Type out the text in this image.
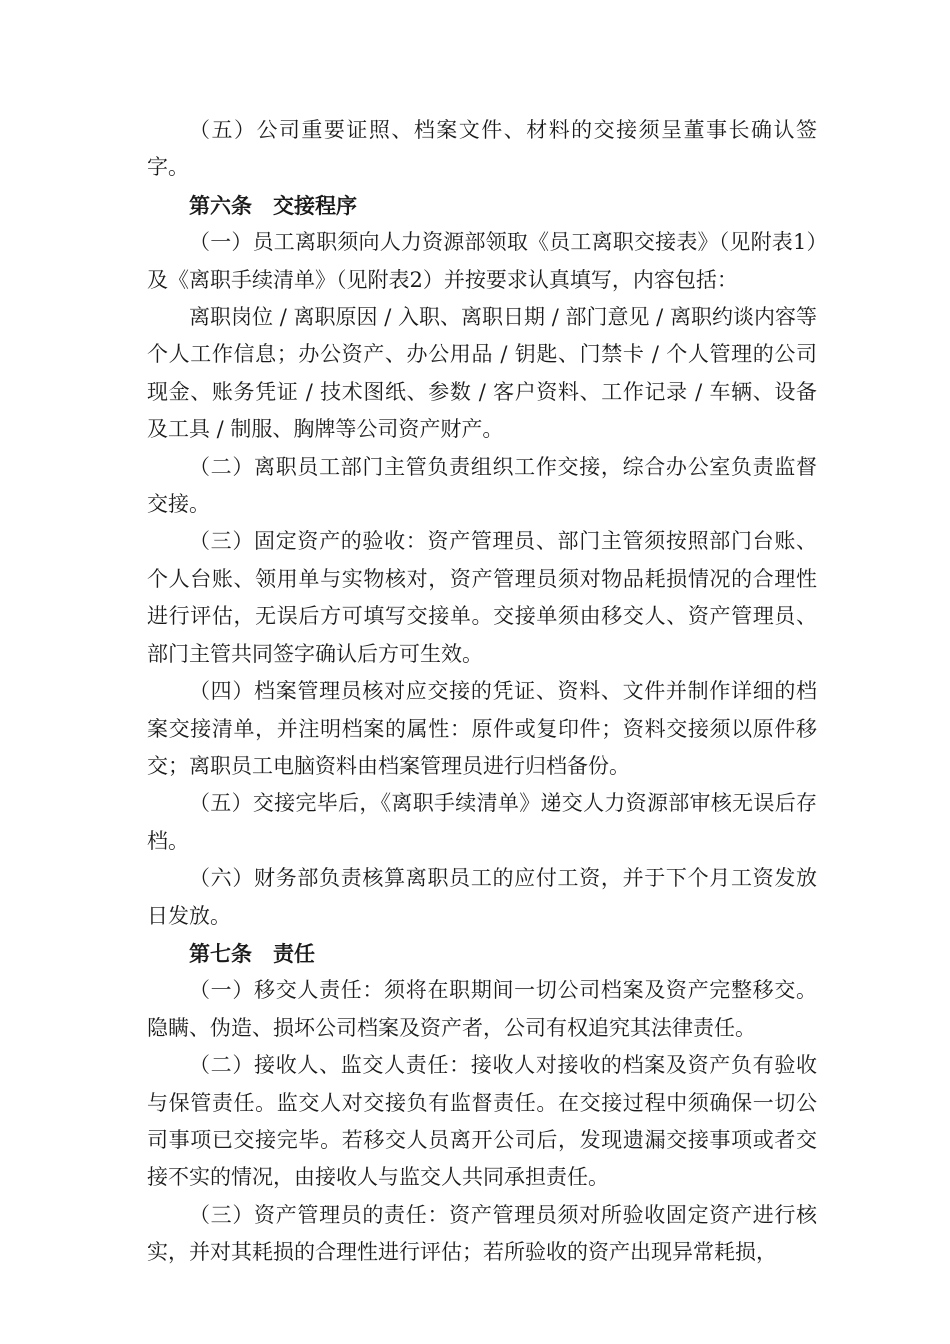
（五）公司重要证照、档案文件、材料的交接须呈董事长确认签字。

第六条　交接程序

（一）员工离职须向人力资源部领取《员工离职交接表》（见附表1）及《离职手续清单》（见附表2）并按要求认真填写，内容包括：

离职岗位 / 离职原因 / 入职、离职日期 / 部门意见 / 离职约谈内容等个人工作信息；办公资产、办公用品 / 钥匙、门禁卡 / 个人管理的公司现金、账务凭证 / 技术图纸、参数 / 客户资料、工作记录 / 车辆、设备及工具 / 制服、胸牌等公司资产财产。

（二）离职员工部门主管负责组织工作交接，综合办公室负责监督交接。

（三）固定资产的验收：资产管理员、部门主管须按照部门台账、个人台账、领用单与实物核对，资产管理员须对物品耗损情况的合理性进行评估，无误后方可填写交接单。交接单须由移交人、资产管理员、部门主管共同签字确认后方可生效。

（四）档案管理员核对应交接的凭证、资料、文件并制作详细的档案交接清单，并注明档案的属性：原件或复印件；资料交接须以原件移交；离职员工电脑资料由档案管理员进行归档备份。

（五）交接完毕后，《离职手续清单》递交人力资源部审核无误后存档。

（六）财务部负责核算离职员工的应付工资，并于下个月工资发放日发放。

第七条　责任

（一）移交人责任：须将在职期间一切公司档案及资产完整移交。隐瞒、伪造、损坏公司档案及资产者，公司有权追究其法律责任。

（二）接收人、监交人责任：接收人对接收的档案及资产负有验收与保管责任。监交人对交接负有监督责任。在交接过程中须确保一切公司事项已交接完毕。若移交人员离开公司后，发现遗漏交接事项或者交接不实的情况，由接收人与监交人共同承担责任。

（三）资产管理员的责任：资产管理员须对所验收固定资产进行核实，并对其耗损的合理性进行评估；若所验收的资产出现异常耗损，
